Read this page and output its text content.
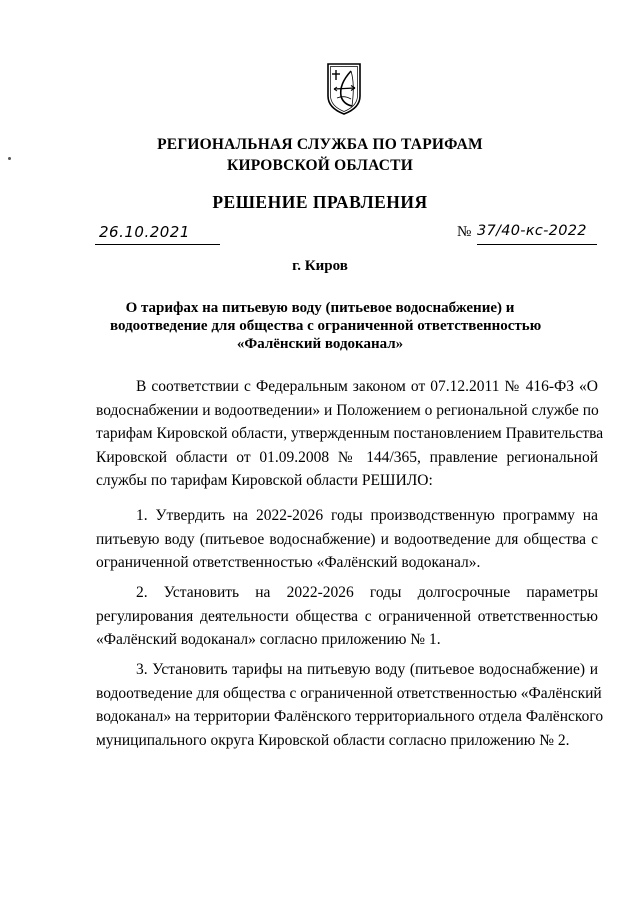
РЕГИОНАЛЬНАЯ СЛУЖБА ПО ТАРИФАМ
КИРОВСКОЙ ОБЛАСТИ
РЕШЕНИЕ ПРАВЛЕНИЯ
26.10.2021	№ 37/40-кс-2022
г. Киров
О тарифах на питьевую воду (питьевое водоснабжение) и
водоотведение для общества с ограниченной ответственностью
«Фалёнский водоканал»
В соответствии с Федеральным законом от 07.12.2011 № 416-ФЗ «О
водоснабжении и водоотведении» и Положением о региональной службе по
тарифам Кировской области, утвержденным постановлением Правительства
Кировской области от 01.09.2008 № 144/365, правление региональной
службы по тарифам Кировской области РЕШИЛО:
1. Утвердить на 2022-2026 годы производственную программу на
питьевую воду (питьевое водоснабжение) и водоотведение для общества с
ограниченной ответственностью «Фалёнский водоканал».
2. Установить на 2022-2026 годы долгосрочные параметры
регулирования деятельности общества с ограниченной ответственностью
«Фалёнский водоканал» согласно приложению № 1.
3. Установить тарифы на питьевую воду (питьевое водоснабжение) и
водоотведение для общества с ограниченной ответственностью «Фалёнский
водоканал» на территории Фалёнского территориального отдела Фалёнского
муниципального округа Кировской области согласно приложению № 2.
